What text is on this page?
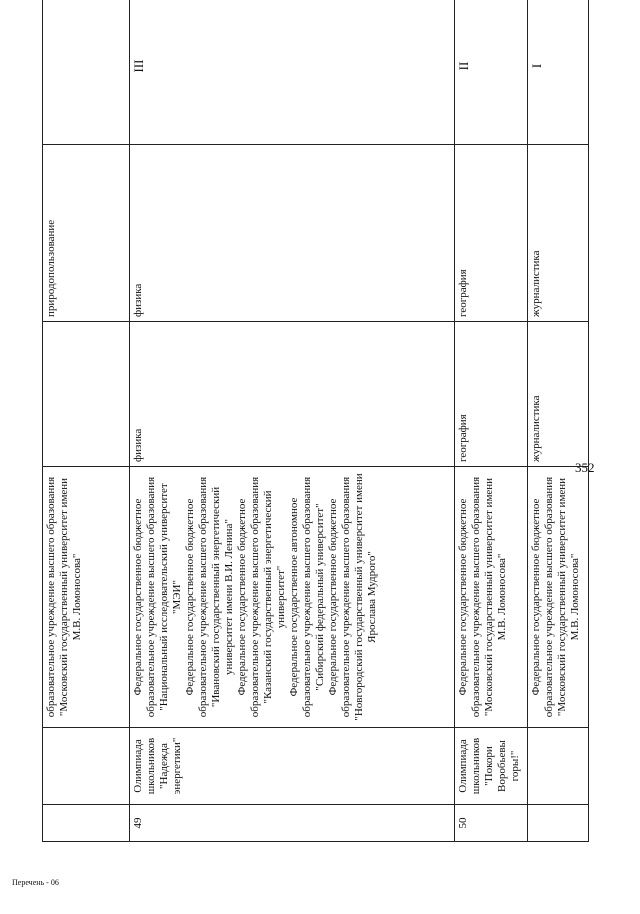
352

		образовательное учреждение высшего образования "Московский государственный университет имени М.В. Ломоносова"		природопользование	
49	Олимпиада школьников "Надежда энергетики"	Федеральное государственное бюджетное образовательное учреждение высшего образования "Национальный исследовательский университет "МЭИ" Федеральное государственное бюджетное образовательное учреждение высшего образования "Ивановский государственный энергетический университет имени В.И. Ленина" Федеральное государственное бюджетное образовательное учреждение высшего образования "Казанский государственный энергетический университет" Федеральное государственное автономное образовательное учреждение высшего образования "Сибирский федеральный университет" Федеральное государственное бюджетное образовательное учреждение высшего образования "Новгородский государственный университет имени Ярослава Мудрого"	физика	физика	III
50	Олимпиада школьников "Покори Воробьевы горы!"	Федеральное государственное бюджетное образовательное учреждение высшего образования "Московский государственный университет имени М.В. Ломоносова"	география	география	II

		Федеральное государственное бюджетное образовательное учреждение высшего образования "Московский государственный университет имени М.В. Ломоносова"	журналистика	журналистика	I
Перечень - 06
